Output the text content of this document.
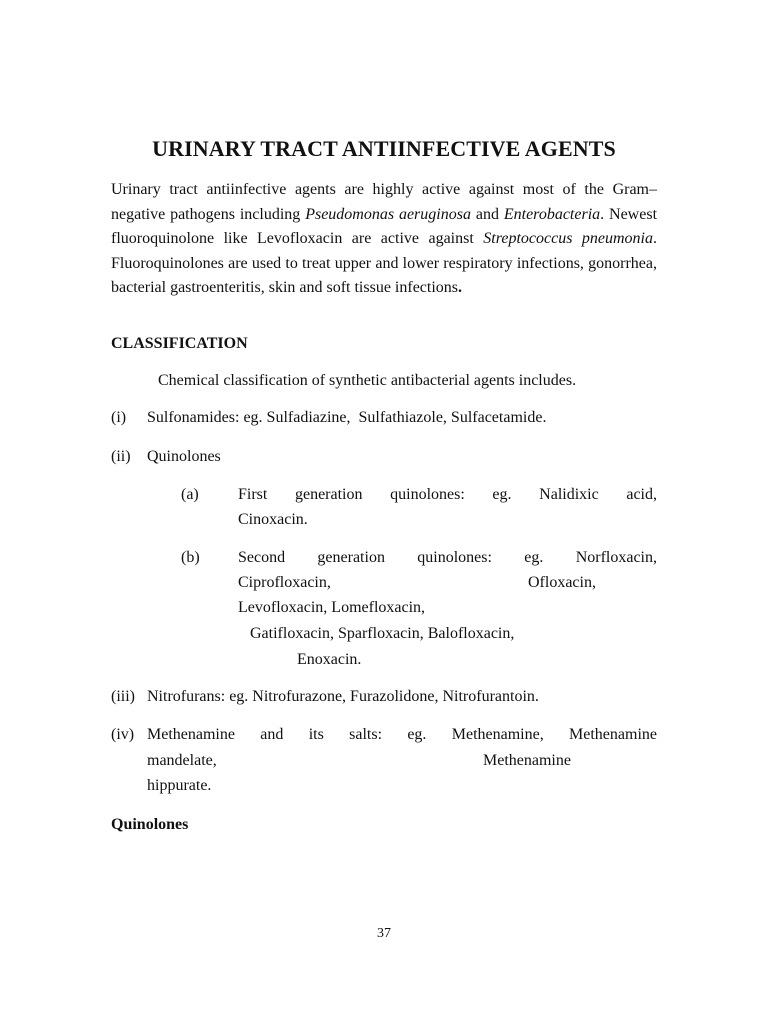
URINARY TRACT ANTIINFECTIVE AGENTS

Urinary tract antiinfective agents are highly active against most of the Gram–negative pathogens including Pseudomonas aeruginosa and Enterobacteria. Newest fluoroquinolone like Levofloxacin are active against Streptococcus pneumonia. Fluoroquinolones are used to treat upper and lower respiratory infections, gonorrhea, bacterial gastroenteritis, skin and soft tissue infections.

CLASSIFICATION
Chemical classification of synthetic antibacterial agents includes.
(i) Sulfonamides: eg. Sulfadiazine,  Sulfathiazole, Sulfacetamide.
(ii) Quinolones
(a) First generation quinolones: eg. Nalidixic acid,
Cinoxacin.
(b) Second generation quinolones: eg. Norfloxacin,
Ciprofloxacin,	Ofloxacin,
Levofloxacin, Lomefloxacin,
Gatifloxacin, Sparfloxacin, Balofloxacin,
Enoxacin.
(iii) Nitrofurans: eg. Nitrofurazone, Furazolidone, Nitrofurantoin.
(iv) Methenamine and its salts: eg. Methenamine, Methenamine
mandelate,	Methenamine
hippurate.
Quinolones
37
